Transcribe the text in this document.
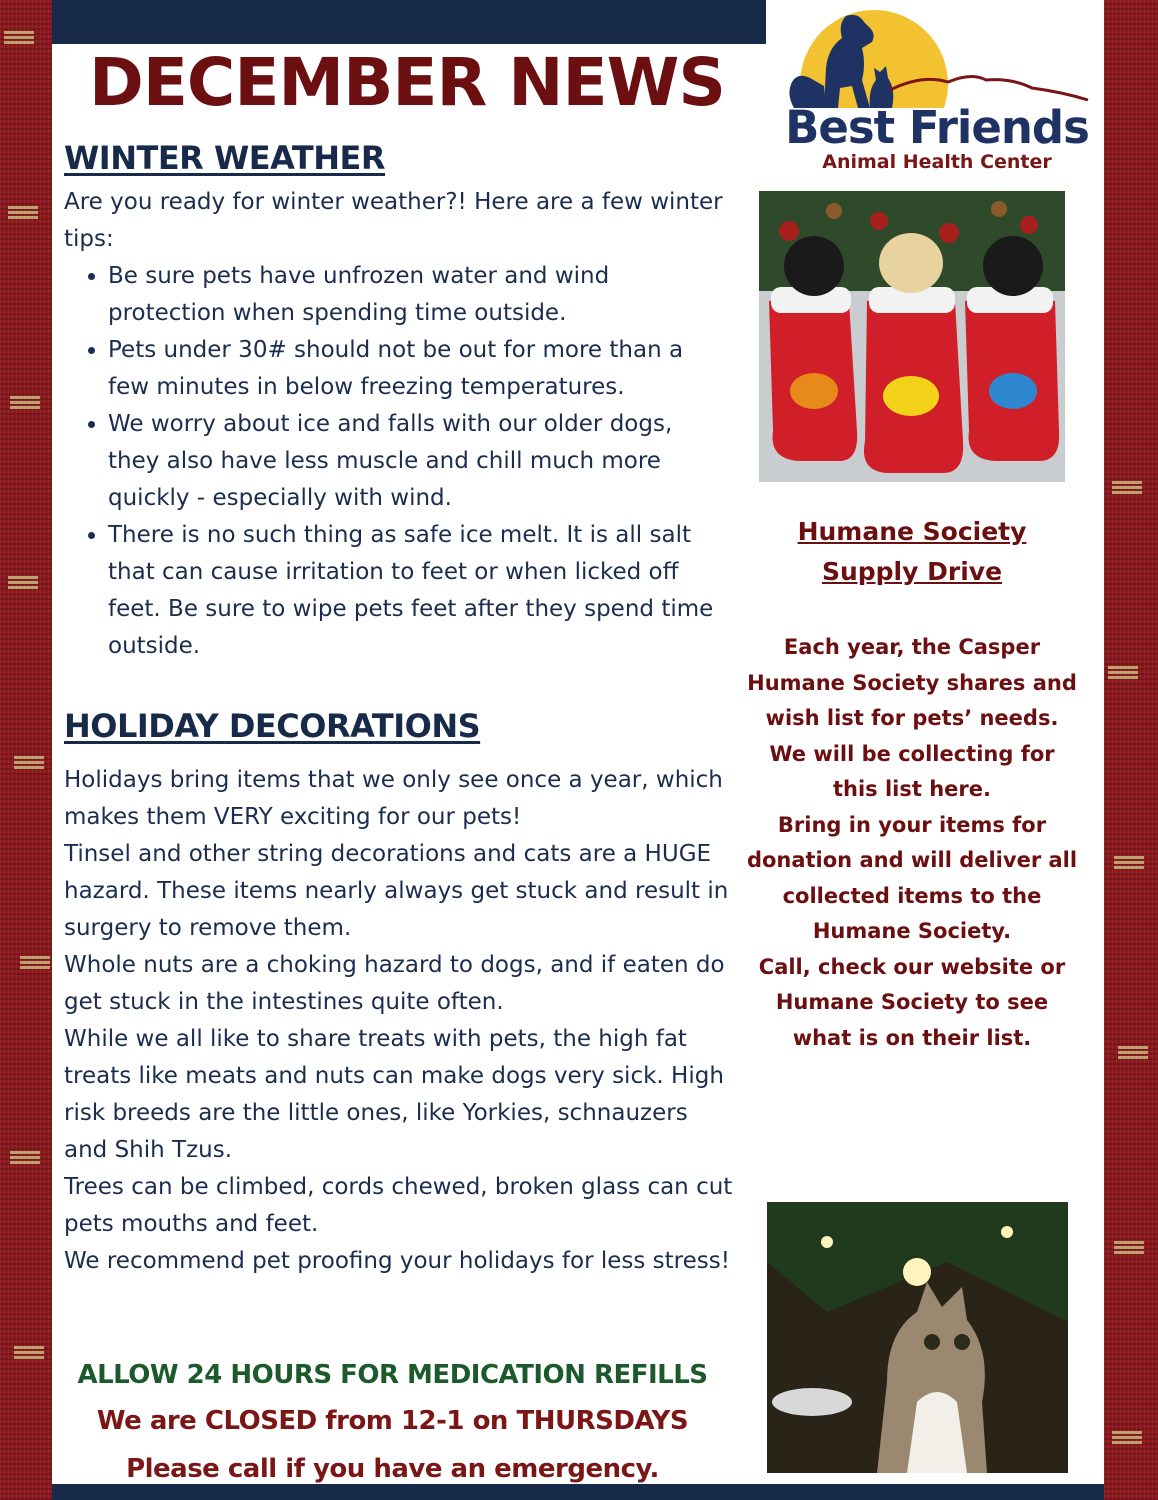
DECEMBER NEWS

Best Friends

Animal Health Center

WINTER WEATHER

Are you ready for winter weather?! Here are a few winter tips:

• Be sure pets have unfrozen water and wind protection when spending time outside.
• Pets under 30# should not be out for more than a few minutes in below freezing temperatures.
• We worry about ice and falls with our older dogs, they also have less muscle and chill much more quickly - especially with wind.
• There is no such thing as safe ice melt. It is all salt that can cause irritation to feet or when licked off feet. Be sure to wipe pets feet after they spend time outside.
HOLIDAY DECORATIONS

Holidays bring items that we only see once a year, which makes them VERY exciting for our pets!

Tinsel and other string decorations and cats are a HUGE hazard. These items nearly always get stuck and result in surgery to remove them.

Whole nuts are a choking hazard to dogs, and if eaten do get stuck in the intestines quite often.

While we all like to share treats with pets, the high fat treats like meats and nuts can make dogs very sick. High risk breeds are the little ones, like Yorkies, schnauzers and Shih Tzus.

Trees can be climbed, cords chewed, broken glass can cut pets mouths and feet.

We recommend pet proofing your holidays for less stress!

ALLOW 24 HOURS FOR MEDICATION REFILLS

We are CLOSED from 12-1 on THURSDAYS

Please call if you have an emergency.

Humane Society Supply Drive

Each year, the Casper Humane Society shares and wish list for pets’ needs. We will be collecting for this list here.

Bring in your items for donation and will deliver all collected items to the Humane Society.

Call, check our website or Humane Society to see what is on their list.
